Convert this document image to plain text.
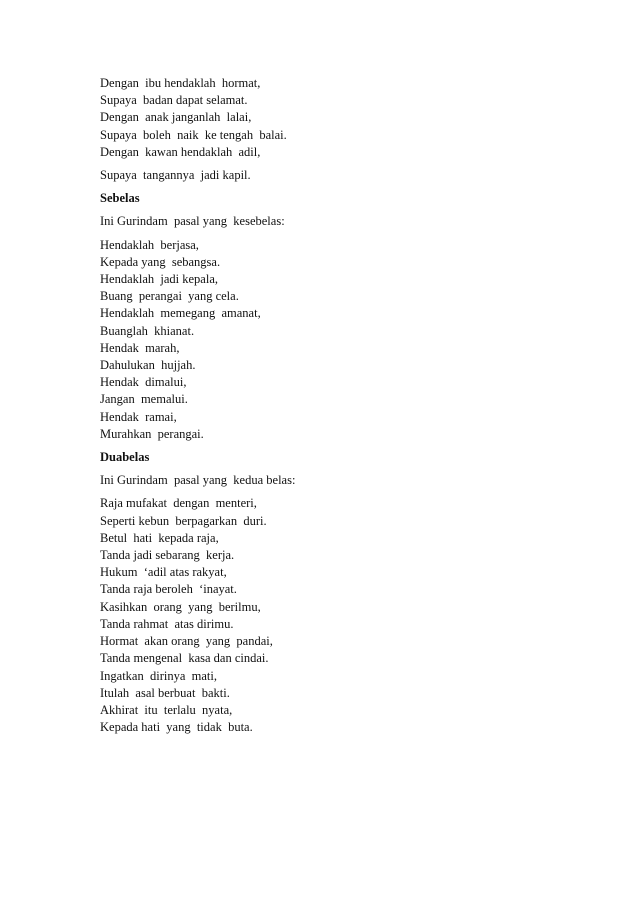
Dengan  ibu hendaklah  hormat,

Supaya  badan dapat selamat.

Dengan  anak janganlah  lalai,

Supaya  boleh  naik  ke tengah  balai.

Dengan  kawan hendaklah  adil,

Supaya  tangannya  jadi kapil.

Sebelas

Ini Gurindam  pasal yang  kesebelas:

Hendaklah  berjasa,

Kepada yang  sebangsa.

Hendaklah  jadi kepala,

Buang  perangai  yang cela.

Hendaklah  memegang  amanat,

Buanglah  khianat.

Hendak  marah,

Dahulukan  hujjah.

Hendak  dimalui,

Jangan  memalui.

Hendak  ramai,

Murahkan  perangai.

Duabelas

Ini Gurindam  pasal yang  kedua belas:

Raja mufakat  dengan  menteri,

Seperti kebun  berpagarkan  duri.

Betul  hati  kepada raja,

Tanda jadi sebarang  kerja.

Hukum  ‘adil atas rakyat,

Tanda raja beroleh  ‘inayat.

Kasihkan  orang  yang  berilmu,

Tanda rahmat  atas dirimu.

Hormat  akan orang  yang  pandai,

Tanda mengenal  kasa dan cindai.

Ingatkan  dirinya  mati,

Itulah  asal berbuat  bakti.

Akhirat  itu  terlalu  nyata,

Kepada hati  yang  tidak  buta.
